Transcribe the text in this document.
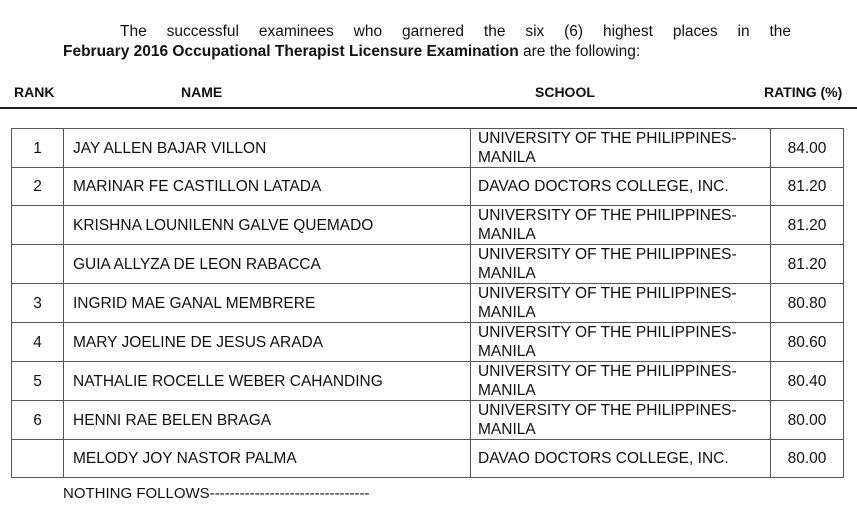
The successful examinees who garnered the six (6) highest places in the
February 2016 Occupational Therapist Licensure Examination are the following:
RANK	NAME	SCHOOL	RATING (%)
1	JAY ALLEN BAJAR VILLON	UNIVERSITY OF THE PHILIPPINES-MANILA	84.00
2	MARINAR FE CASTILLON LATADA	DAVAO DOCTORS COLLEGE, INC.	81.20
	KRISHNA LOUNILENN GALVE QUEMADO	UNIVERSITY OF THE PHILIPPINES-MANILA	81.20
	GUIA ALLYZA DE LEON RABACCA	UNIVERSITY OF THE PHILIPPINES-MANILA	81.20
3	INGRID MAE GANAL MEMBRERE	UNIVERSITY OF THE PHILIPPINES-MANILA	80.80
4	MARY JOELINE DE JESUS ARADA	UNIVERSITY OF THE PHILIPPINES-MANILA	80.60
5	NATHALIE ROCELLE WEBER CAHANDING	UNIVERSITY OF THE PHILIPPINES-MANILA	80.40
6	HENNI RAE BELEN BRAGA	UNIVERSITY OF THE PHILIPPINES-MANILA	80.00
	MELODY JOY NASTOR PALMA	DAVAO DOCTORS COLLEGE, INC.	80.00
NOTHING FOLLOWS--------------------------------
